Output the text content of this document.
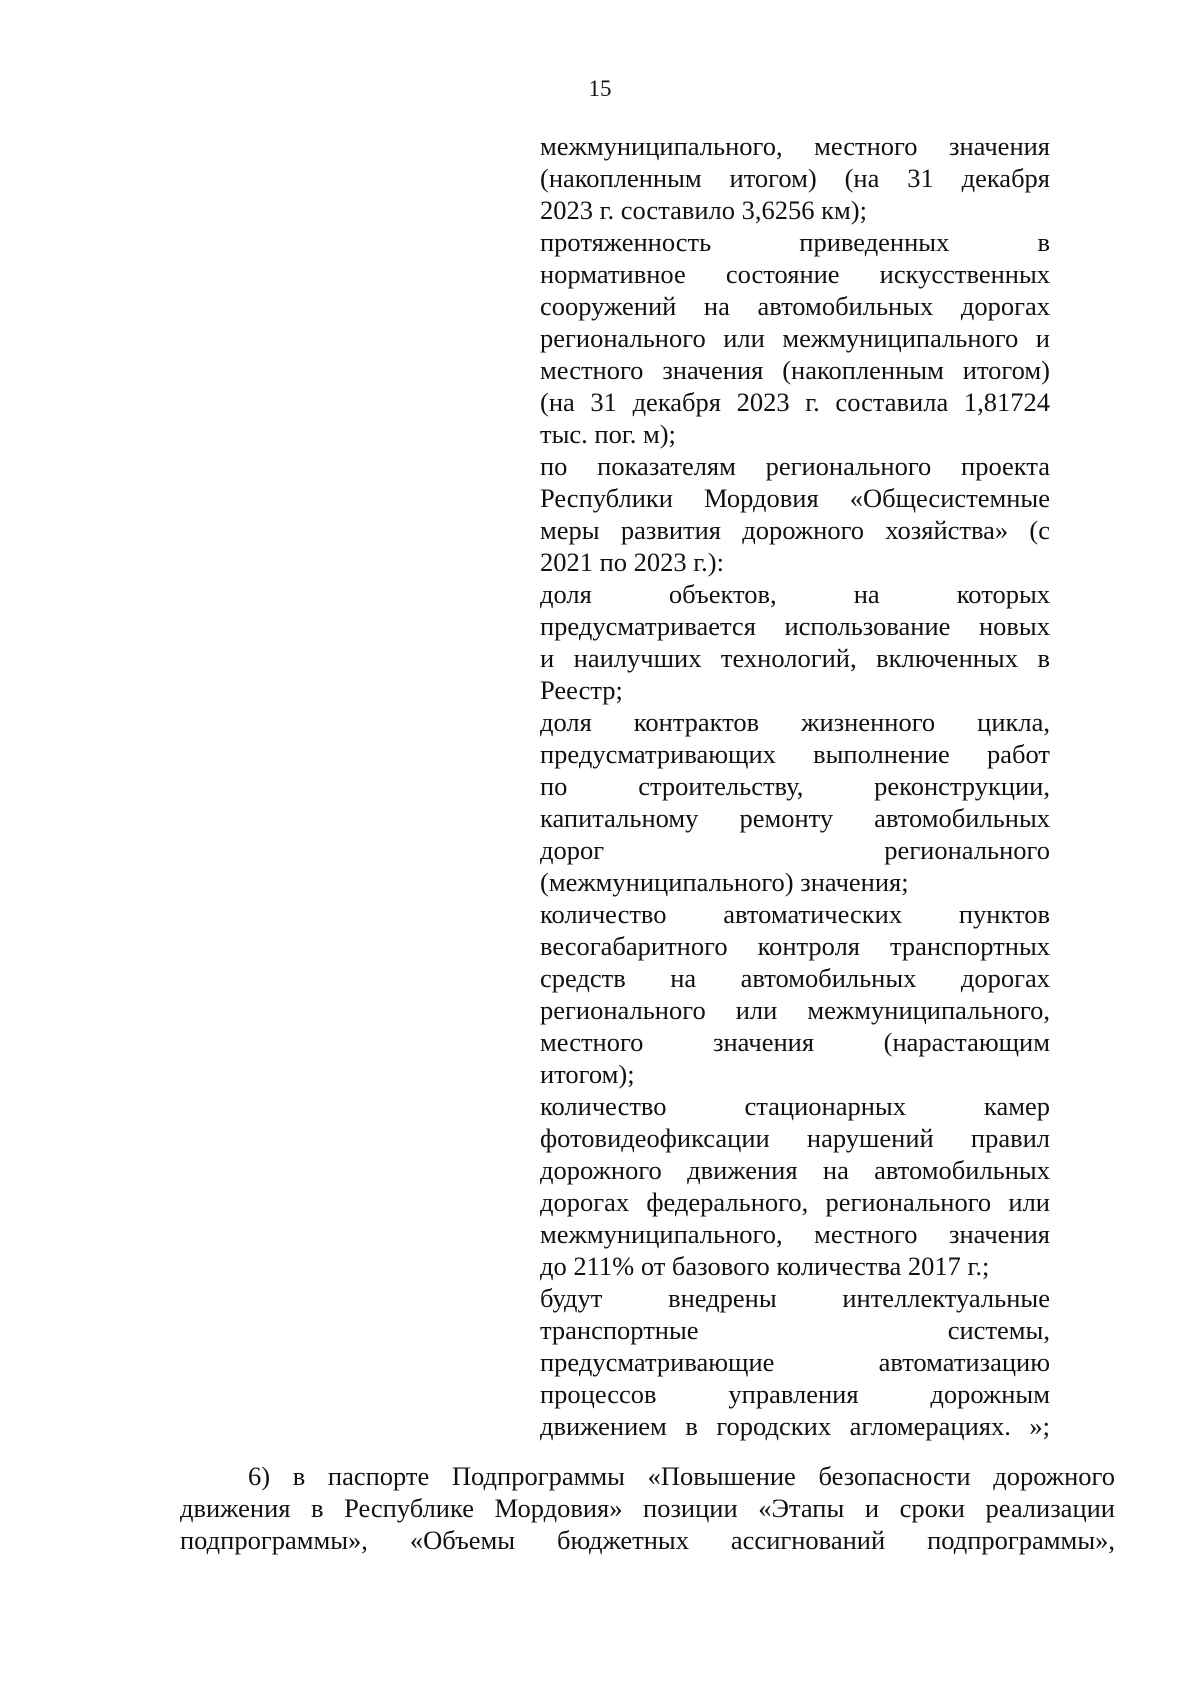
15
межмуниципального, местного значения
(накопленным итогом) (на 31 декабря
2023 г. составило 3,6256 км);
протяженность приведенных в
нормативное состояние искусственных
сооружений на автомобильных дорогах
регионального или межмуниципального и
местного значения (накопленным итогом)
(на 31 декабря 2023 г. составила 1,81724
тыс. пог. м);
по показателям регионального проекта
Республики Мордовия «Общесистемные
меры развития дорожного хозяйства» (с
2021 по 2023 г.):
доля объектов, на которых
предусматривается использование новых
и наилучших технологий, включенных в
Реестр;
доля контрактов жизненного цикла,
предусматривающих выполнение работ
по строительству, реконструкции,
капитальному ремонту автомобильных
дорог регионального
(межмуниципального) значения;
количество автоматических пунктов
весогабаритного контроля транспортных
средств на автомобильных дорогах
регионального или межмуниципального,
местного значения (нарастающим
итогом);
количество стационарных камер
фотовидеофиксации нарушений правил
дорожного движения на автомобильных
дорогах федерального, регионального или
межмуниципального, местного значения
до 211% от базового количества 2017 г.;
будут внедрены интеллектуальные
транспортные системы,
предусматривающие автоматизацию
процессов управления дорожным
движением в городских агломерациях. »;
6) в паспорте Подпрограммы «Повышение безопасности дорожного
движения в Республике Мордовия» позиции «Этапы и сроки реализации
подпрограммы», «Объемы бюджетных ассигнований подпрограммы»,
